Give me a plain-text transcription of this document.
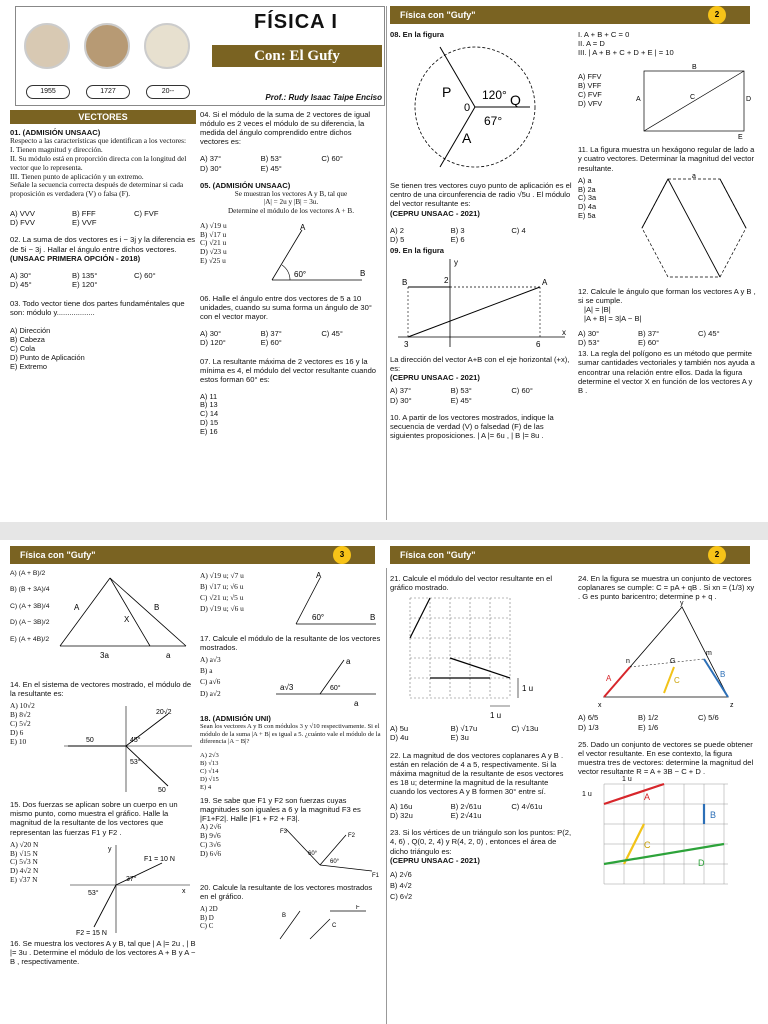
FÍSICA I
Con: El Gufy
1955	1727	20--
Prof.: Rudy Isaac Taipe Enciso
Física con "Gufy"	2
VECTORES
01. (ADMISIÓN UNSAAC)
Respecto a las características que identifican a los vectores:
I. Tienen magnitud y dirección.
II. Su módulo está en proporción directa con la longitud del vector que lo representa.
III. Tienen punto de aplicación y un extremo.
Señale la secuencia correcta después de determinar si cada proposición es verdadera (V) o falsa (F).
A) VVV	B) FFF	C) FVF
D) FVV	E) VVF
02. La suma de dos vectores es i − 3j y la diferencia es de 5i − 3j . Hallar el ángulo entre dichos vectores.
(UNSAAC PRIMERA OPCIÓN - 2018)
A) 30°	B) 135°	C) 60°
D) 45°	E) 120°
03. Todo vector tiene dos partes fundaméntales que son: módulo y..................
A) Dirección
B) Cabeza
C) Cola
D) Punto de Aplicación
E) Extremo
04. Si el módulo de la suma de 2 vectores de igual módulo es 2 veces el módulo de su diferencia, la medida del ángulo comprendido entre dichos vectores es:
A) 37°	B) 53°	C) 60°
D) 30°	E) 45°
05. (ADMISIÓN UNSAAC)
Se muestran los vectores A y B, tal que
|A| = 2u y |B| = 3u.
Determine el módulo de los vectores A + B.
A) √19 u
B) √17 u
C) √21 u
D) √23 u
E) √25 u
A
B
60°
06. Halle el ángulo entre dos vectores de 5 a 10 unidades, cuando su suma forma un ángulo de 30° con el vector mayor.
A) 30°	B) 37°	C) 45°
D) 120°	E) 60°
07. La resultante máxima de 2 vectores es 16 y la mínima es 4, el módulo del vector resultante cuando estos forman 60° es:
A) 11
B) 13
C) 14
D) 15
E) 16
08. En la figura
P	Q
A
120°
67°
0
Se tienen tres vectores cuyo punto de aplicación es el centro de una circunferencia de radio √5u . El módulo del vector resultante es:
(CEPRU UNSAAC - 2021)
A) 2	B) 3	C) 4
D) 5	E) 6
09. En la figura
y
x
B	A
2
3	6
La dirección del vector A+B con el eje horizontal (+x), es:
(CEPRU UNSAAC - 2021)
A) 37°	B) 53°	C) 60°
D) 30°	E) 45°
10. A partir de los vectores mostrados, indique la secuencia de verdad (V) o falsedad (F) de las siguientes proposiciones. | A |= 6u , | B |= 8u .
I. A + B + C = 0
II. A = D
III. | A + B + C + D + E | = 10
A) FFV
B) VFF
C) FVF
D) VFV
B
A	C	D
E
11. La figura muestra un hexágono regular de lado a y cuatro vectores. Determinar la magnitud del vector resultante.
A) a
B) 2a
C) 3a
D) 4a
E) 5a
a
12. Calcule le ángulo que forman los vectores A y B , si se cumple.
|A| = |B|
|A + B| = 3|A − B|
A) 30°	B) 37°	C) 45°
D) 53°	E) 60°
13. La regla del polígono es un método que permite sumar cantidades vectoriales y también nos ayuda a encontrar una relación entre ellos. Dada la figura determine el vector X en función de los vectores A y B .
Física con "Gufy"	3	Física con "Gufy"	2
A) (A + B)/2
B) (B + 3A)/4
C) (A + 3B)/4
D) (A − 3B)/2
E) (A + 4B)/2
A
X
B
3a	a
14. En el sistema de vectores mostrado, el módulo de la resultante es:
A) 10√2
B) 8√2
C) 5√2
D) 6
E) 10
20√2
50
50
45°
53°
15. Dos fuerzas se aplican sobre un cuerpo en un mismo punto, como muestra el gráfico. Halle la magnitud de la resultante de los vectores que representan las fuerzas F1 y F2 .
A) √20 N
B) √15 N
C) 5√3 N
D) 4√2 N
E) √37 N
F1 = 10 N
F2 = 15 N
37°
53°	x
y
16. Se muestra los vectores A y B, tal que | A |= 2u , | B |= 3u . Determine el módulo de los vectores A + B y A − B , respectivamente.
A) √19 u; √7 u
B) √17 u; √6 u
C) √21 u; √5 u
D) √19 u; √6 u
A
B
60°
17. Calcule el módulo de la resultante de los vectores mostrados.
A) a√3
B) a
C) a√6
D) a√2
a
a√3
a
60°
18. (ADMISIÓN UNI)
Sean los vectores A y B con módulos 3 y √10 respectivamente. Si el módulo de la suma |A + B| es igual a 5. ¿cuánto vale el módulo de la diferencia |A − B|?
A) 2√3
B) √13
C) √14
D) √15
E) 4
19. Se sabe que F1 y F2 son fuerzas cuyas magnitudes son iguales a 6 y la magnitud F3 es |F1+F2|. Halle |F1 + F2 + F3|.
A) 2√6
B) 9√6
C) 3√6
D) 6√6
F3
F2
F1
60°
60°
20. Calcule la resultante de los vectores mostrados en el gráfico.
A) 2D
B) D
C) C
B
C
F
21. Calcule el módulo del vector resultante en el gráfico mostrado.
1 u
1 u
A) 5u	B) √17u	C) √13u
D) 4u	E) 3u
22. La magnitud de dos vectores coplanares A y B . están en relación de 4 a 5, respectivamente. Si la máxima magnitud de la resultante de esos vectores es 18 u; determine la magnitud de la resultante cuando los vectores A y B formen 30° entre sí.
A) 16u	B) 2√61u	C) 4√61u
D) 32u	E) 2√41u
23. Si los vértices de un triángulo son los puntos: P(2, 4, 6) , Q(0, 2, 4) y R(4, 2, 0) , entonces el área de dicho triángulo es:
(CEPRU UNSAAC - 2021)
A) 2√6
B) 4√2
C) 6√2
24. En la figura se muestra un conjunto de vectores coplanares se cumple: C = pA + qB . Si xn = (1/3) xy . G es punto baricentro; determine p + q .
y
x	z
n
m
G
A	B
C
A) 6/5	B) 1/2	C) 5/6
D) 1/3	E) 1/6
25. Dado un conjunto de vectores se puede obtener el vector resultante. En ese contexto, la figura muestra tres de vectores: determine la magnitud del vector resultante R = A + 3B − C + D .
1 u
1 u	A
B
C
D
